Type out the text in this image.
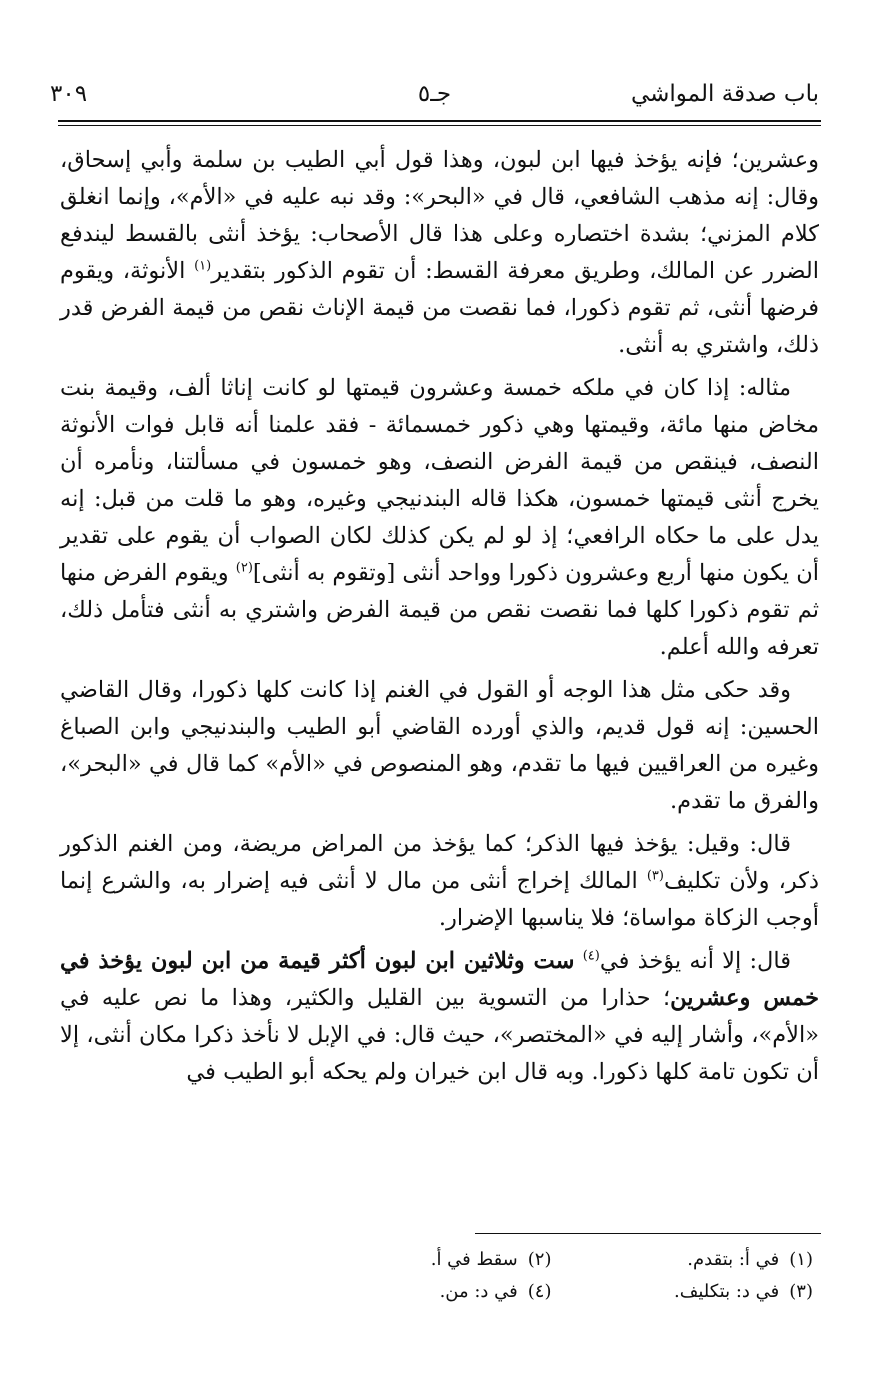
باب صدقة المواشي
جـ٥
٣٠٩

وعشرين؛ فإنه يؤخذ فيها ابن لبون، وهذا قول أبي الطيب بن سلمة وأبي إسحاق، وقال: إنه مذهب الشافعي، قال في «البحر»: وقد نبه عليه في «الأم»، وإنما انغلق كلام المزني؛ بشدة اختصاره وعلى هذا قال الأصحاب: يؤخذ أنثى بالقسط ليندفع الضرر عن المالك، وطريق معرفة القسط: أن تقوم الذكور بتقدير$^{(١)}$ الأنوثة، ويقوم فرضها أنثى، ثم تقوم ذكورا، فما نقصت من قيمة الإناث نقص من قيمة الفرض قدر ذلك، واشتري به أنثى.

مثاله: إذا كان في ملكه خمسة وعشرون قيمتها لو كانت إناثا ألف، وقيمة بنت مخاض منها مائة، وقيمتها وهي ذكور خمسمائة - فقد علمنا أنه قابل فوات الأنوثة النصف، فينقص من قيمة الفرض النصف، وهو خمسون في مسألتنا، ونأمره أن يخرج أنثى قيمتها خمسون، هكذا قاله البندنيجي وغيره، وهو ما قلت من قبل: إنه يدل على ما حكاه الرافعي؛ إذ لو لم يكن كذلك لكان الصواب أن يقوم على تقدير أن يكون منها أربع وعشرون ذكورا وواحد أنثى [وتقوم به أنثى]$^{(٢)}$ ويقوم الفرض منها ثم تقوم ذكورا كلها فما نقصت نقص من قيمة الفرض واشتري به أنثى فتأمل ذلك، تعرفه والله أعلم.

وقد حكى مثل هذا الوجه أو القول في الغنم إذا كانت كلها ذكورا، وقال القاضي الحسين: إنه قول قديم، والذي أورده القاضي أبو الطيب والبندنيجي وابن الصباغ وغيره من العراقيين فيها ما تقدم، وهو المنصوص في «الأم» كما قال في «البحر»، والفرق ما تقدم.

قال: وقيل: يؤخذ فيها الذكر؛ كما يؤخذ من المراض مريضة، ومن الغنم الذكور ذكر، ولأن تكليف$^{(٣)}$ المالك إخراج أنثى من مال لا أنثى فيه إضرار به، والشرع إنما أوجب الزكاة مواساة؛ فلا يناسبها الإضرار.

قال: إلا أنه يؤخذ في$^{(٤)}$ ست وثلاثين ابن لبون أكثر قيمة من ابن لبون يؤخذ في خمس وعشرين؛ حذارا من التسوية بين القليل والكثير، وهذا ما نص عليه في «الأم»، وأشار إليه في «المختصر»، حيث قال: في الإبل لا نأخذ ذكرا مكان أنثى، إلا أن تكون تامة كلها ذكورا. وبه قال ابن خيران ولم يحكه أبو الطيب في

(١)في أ: بتقدم.
(٢)سقط في أ.
(٣)في د: بتكليف.
(٤)في د: من.
